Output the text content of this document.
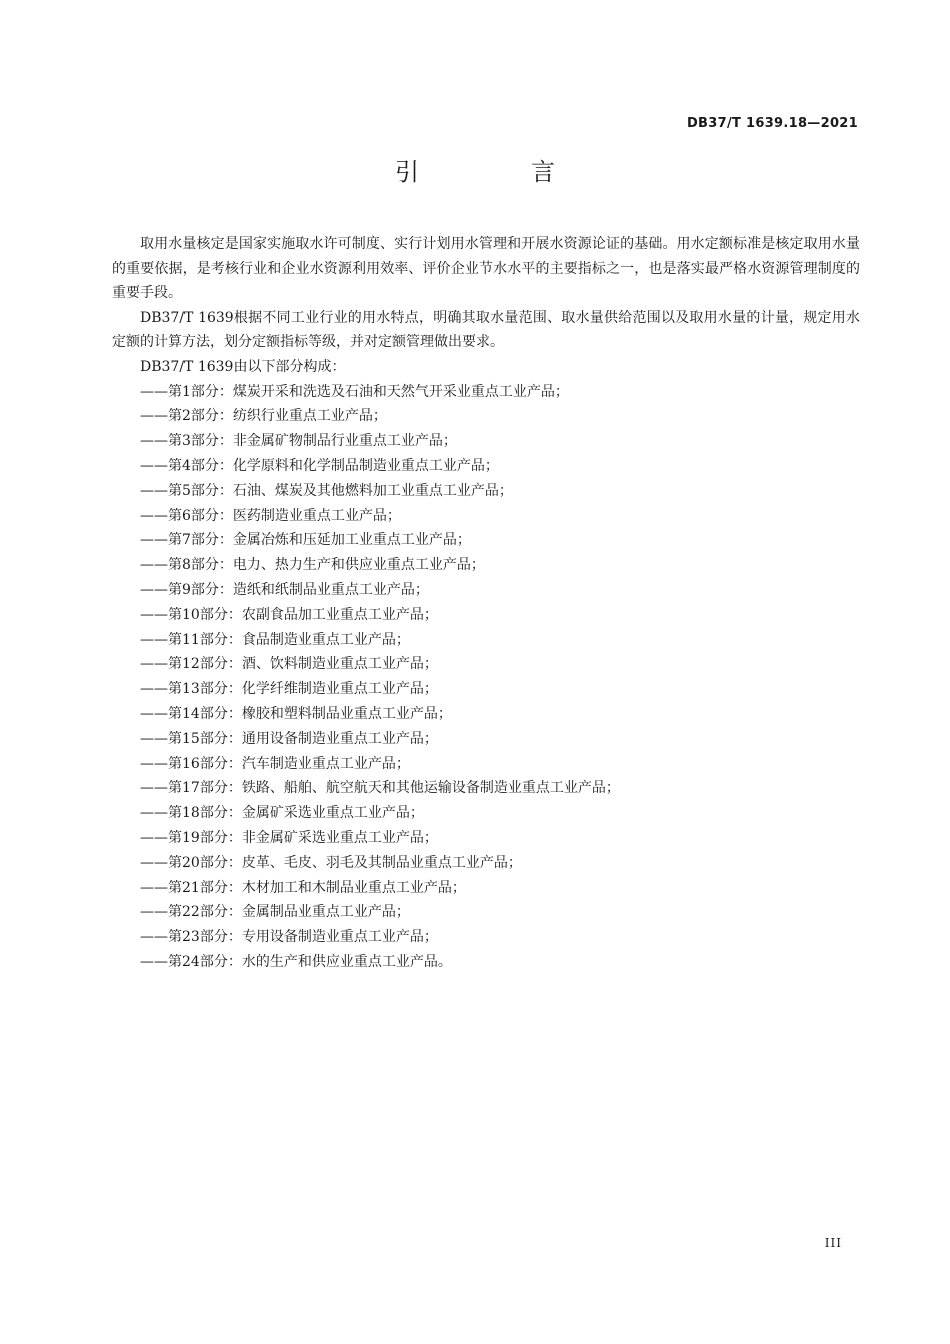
DB37/T 1639.18—2021
引　言

取用水量核定是国家实施取水许可制度、实行计划用水管理和开展水资源论证的基础。用水定额标准是核定取用水量的重要依据，是考核行业和企业水资源利用效率、评价企业节水水平的主要指标之一，也是落实最严格水资源管理制度的重要手段。

DB37/T 1639根据不同工业行业的用水特点，明确其取水量范围、取水量供给范围以及取用水量的计量，规定用水定额的计算方法，划分定额指标等级，并对定额管理做出要求。

DB37/T 1639由以下部分构成：

——第1部分：煤炭开采和洗选及石油和天然气开采业重点工业产品；
——第2部分：纺织行业重点工业产品；
——第3部分：非金属矿物制品行业重点工业产品；
——第4部分：化学原料和化学制品制造业重点工业产品；
——第5部分：石油、煤炭及其他燃料加工业重点工业产品；
——第6部分：医药制造业重点工业产品；
——第7部分：金属冶炼和压延加工业重点工业产品；
——第8部分：电力、热力生产和供应业重点工业产品；
——第9部分：造纸和纸制品业重点工业产品；
——第10部分：农副食品加工业重点工业产品；
——第11部分：食品制造业重点工业产品；
——第12部分：酒、饮料制造业重点工业产品；
——第13部分：化学纤维制造业重点工业产品；
——第14部分：橡胶和塑料制品业重点工业产品；
——第15部分：通用设备制造业重点工业产品；
——第16部分：汽车制造业重点工业产品；
——第17部分：铁路、船舶、航空航天和其他运输设备制造业重点工业产品；
——第18部分：金属矿采选业重点工业产品；
——第19部分：非金属矿采选业重点工业产品；
——第20部分：皮革、毛皮、羽毛及其制品业重点工业产品；
——第21部分：木材加工和木制品业重点工业产品；
——第22部分：金属制品业重点工业产品；
——第23部分：专用设备制造业重点工业产品；
——第24部分：水的生产和供应业重点工业产品。
III
